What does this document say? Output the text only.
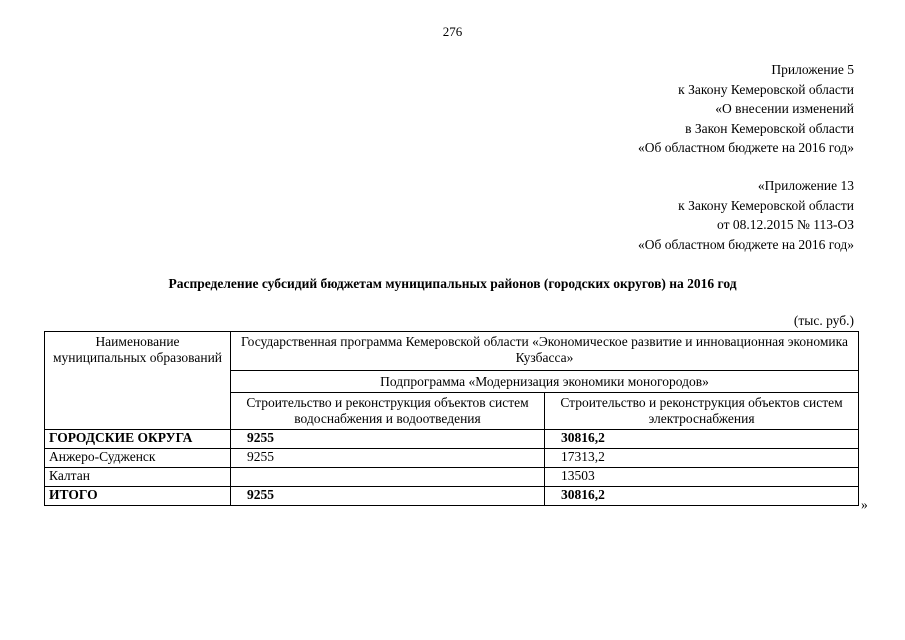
276
Приложение 5
к Закону Кемеровской области
«О внесении изменений
в Закон Кемеровской области
«Об областном бюджете на 2016 год»
«Приложение 13
к Закону Кемеровской области
от 08.12.2015 № 113-ОЗ
«Об областном бюджете на 2016 год»
Распределение субсидий бюджетам муниципальных районов (городских округов) на 2016 год
(тыс. руб.)
Наименование муниципальных образований	Государственная программа Кемеровской области «Экономическое развитие и инновационная экономика Кузбасса»	
	Подпрограмма «Модернизация экономики моногородов»	
	Строительство и реконструкция объектов систем водоснабжения и водоотведения	Строительство и реконструкция объектов систем электроснабжения
ГОРОДСКИЕ ОКРУГА	9255	30816,2
Анжеро-Судженск	9255	17313,2
Калтан		13503
ИТОГО	9255	30816,2
»
